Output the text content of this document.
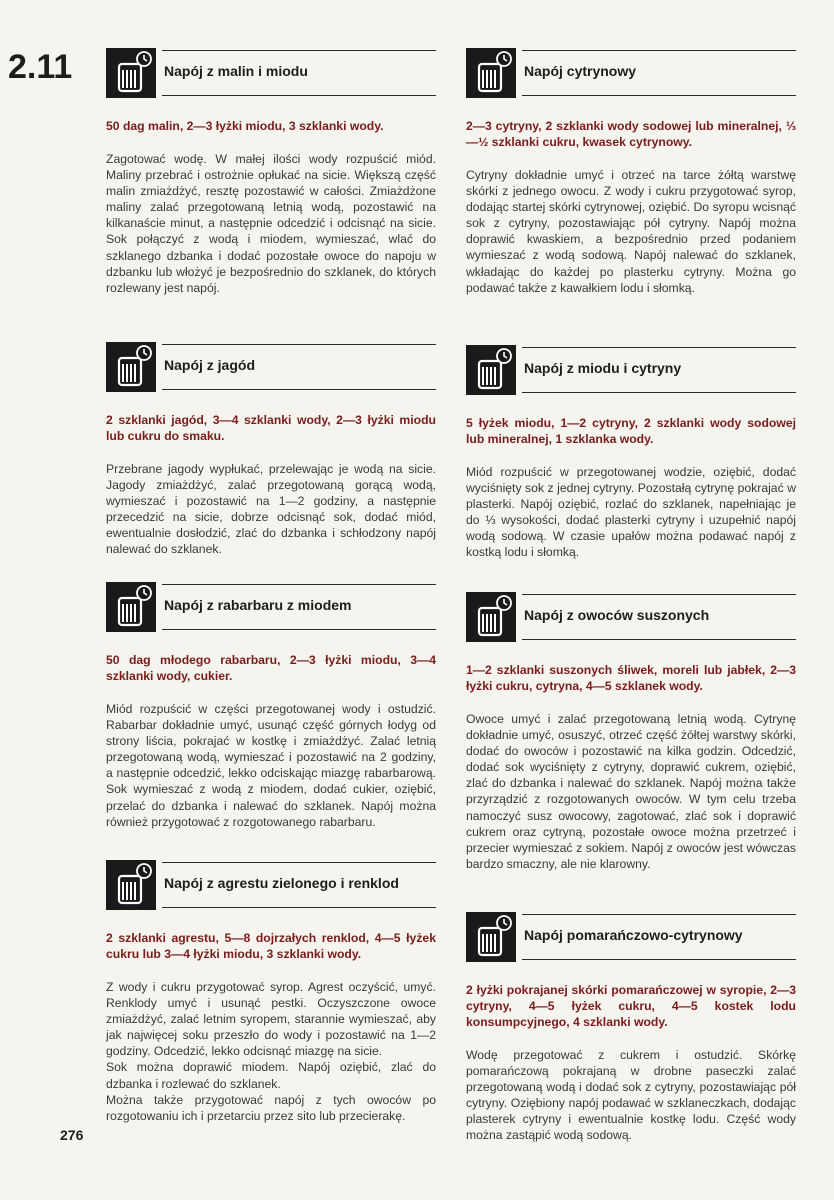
2.11	Napój z malin i miodu
50 dag malin, 2—3 łyżki miodu, 3 szklanki wody.
Zagotować wodę. W małej ilości wody rozpuścić miód. Maliny przebrać i ostrożnie opłukać na sicie. Większą część malin zmiażdżyć, resztę pozostawić w całości. Zmiażdżone maliny zalać przegotowaną letnią wodą, pozostawić na kilkanaście minut, a następnie odcedzić i odcisnąć na sicie. Sok połączyć z wodą i miodem, wymieszać, wlać do szklanego dzbanka i dodać pozostałe owoce do napoju w dzbanku lub włożyć je bezpośrednio do szklanek, do których rozlewany jest napój.
Napój z jagód
2 szklanki jagód, 3—4 szklanki wody, 2—3 łyżki miodu lub cukru do smaku.
Przebrane jagody wypłukać, przelewając je wodą na sicie. Jagody zmiażdżyć, zalać przegotowaną gorącą wodą, wymieszać i pozostawić na 1—2 godziny, a następnie przecedzić na sicie, dobrze odcisnąć sok, dodać miód, ewentualnie dosłodzić, zlać do dzbanka i schłodzony napój nalewać do szklanek.
Napój z rabarbaru z miodem
50 dag młodego rabarbaru, 2—3 łyżki miodu, 3—4 szklanki wody, cukier.
Miód rozpuścić w części przegotowanej wody i ostudzić. Rabarbar dokładnie umyć, usunąć część górnych łodyg od strony liścia, pokrajać w kostkę i zmiażdżyć. Zalać letnią przegotowaną wodą, wymieszać i pozostawić na 2 godziny, a następnie odcedzić, lekko odciskając miazgę rabarbarową. Sok wymieszać z wodą z miodem, dodać cukier, oziębić, przelać do dzbanka i nalewać do szklanek. Napój można również przygotować z rozgotowanego rabarbaru.
Napój z agrestu zielonego i renklod
2 szklanki agrestu, 5—8 dojrzałych renklod, 4—5 łyżek cukru lub 3—4 łyżki miodu, 3 szklanki wody.
Z wody i cukru przygotować syrop. Agrest oczyścić, umyć. Renklody umyć i usunąć pestki. Oczyszczone owoce zmiażdżyć, zalać letnim syropem, starannie wymieszać, aby jak najwięcej soku przeszło do wody i pozostawić na 1—2 godziny. Odcedzić, lekko odcisnąć miazgę na sicie.
Sok można doprawić miodem. Napój oziębić, zlać do dzbanka i rozlewać do szklanek.
Można także przygotować napój z tych owoców po rozgotowaniu ich i przetarciu przez sito lub przecierakę.
Napój cytrynowy
2—3 cytryny, 2 szklanki wody sodowej lub mineralnej, ⅓—½ szklanki cukru, kwasek cytrynowy.
Cytryny dokładnie umyć i otrzeć na tarce żółtą warstwę skórki z jednego owocu. Z wody i cukru przygotować syrop, dodając startej skórki cytrynowej, oziębić. Do syropu wcisnąć sok z cytryny, pozostawiając pół cytryny. Napój można doprawić kwaskiem, a bezpośrednio przed podaniem wymieszać z wodą sodową. Napój nalewać do szklanek, wkładając do każdej po plasterku cytryny. Można go podawać także z kawałkiem lodu i słomką.
Napój z miodu i cytryny
5 łyżek miodu, 1—2 cytryny, 2 szklanki wody sodowej lub mineralnej, 1 szklanka wody.
Miód rozpuścić w przegotowanej wodzie, oziębić, dodać wyciśnięty sok z jednej cytryny. Pozostałą cytrynę pokrajać w plasterki. Napój oziębić, rozlać do szklanek, napełniając je do ⅓ wysokości, dodać plasterki cytryny i uzupełnić napój wodą sodową. W czasie upałów można podawać napój z kostką lodu i słomką.
Napój z owoców suszonych
1—2 szklanki suszonych śliwek, moreli lub jabłek, 2—3 łyżki cukru, cytryna, 4—5 szklanek wody.
Owoce umyć i zalać przegotowaną letnią wodą. Cytrynę dokładnie umyć, osuszyć, otrzeć część żółtej warstwy skórki, dodać do owoców i pozostawić na kilka godzin. Odcedzić, dodać sok wyciśnięty z cytryny, doprawić cukrem, oziębić, zlać do dzbanka i nalewać do szklanek. Napój można także przyrządzić z rozgotowanych owoców. W tym celu trzeba namoczyć susz owocowy, zagotować, zlać sok i doprawić cukrem oraz cytryną, pozostałe owoce można przetrzeć i przecier wymieszać z sokiem. Napój z owoców jest wówczas bardzo smaczny, ale nie klarowny.
Napój pomarańczowo-cytrynowy
2 łyżki pokrajanej skórki pomarańczowej w syropie, 2—3 cytryny, 4—5 łyżek cukru, 4—5 kostek lodu konsumpcyjnego, 4 szklanki wody.
Wodę przegotować z cukrem i ostudzić. Skórkę pomarańczową pokrajaną w drobne paseczki zalać przegotowaną wodą i dodać sok z cytryny, pozostawiając pół cytryny. Oziębiony napój podawać w szklaneczkach, dodając plasterek cytryny i ewentualnie kostkę lodu. Część wody można zastąpić wodą sodową.
276
